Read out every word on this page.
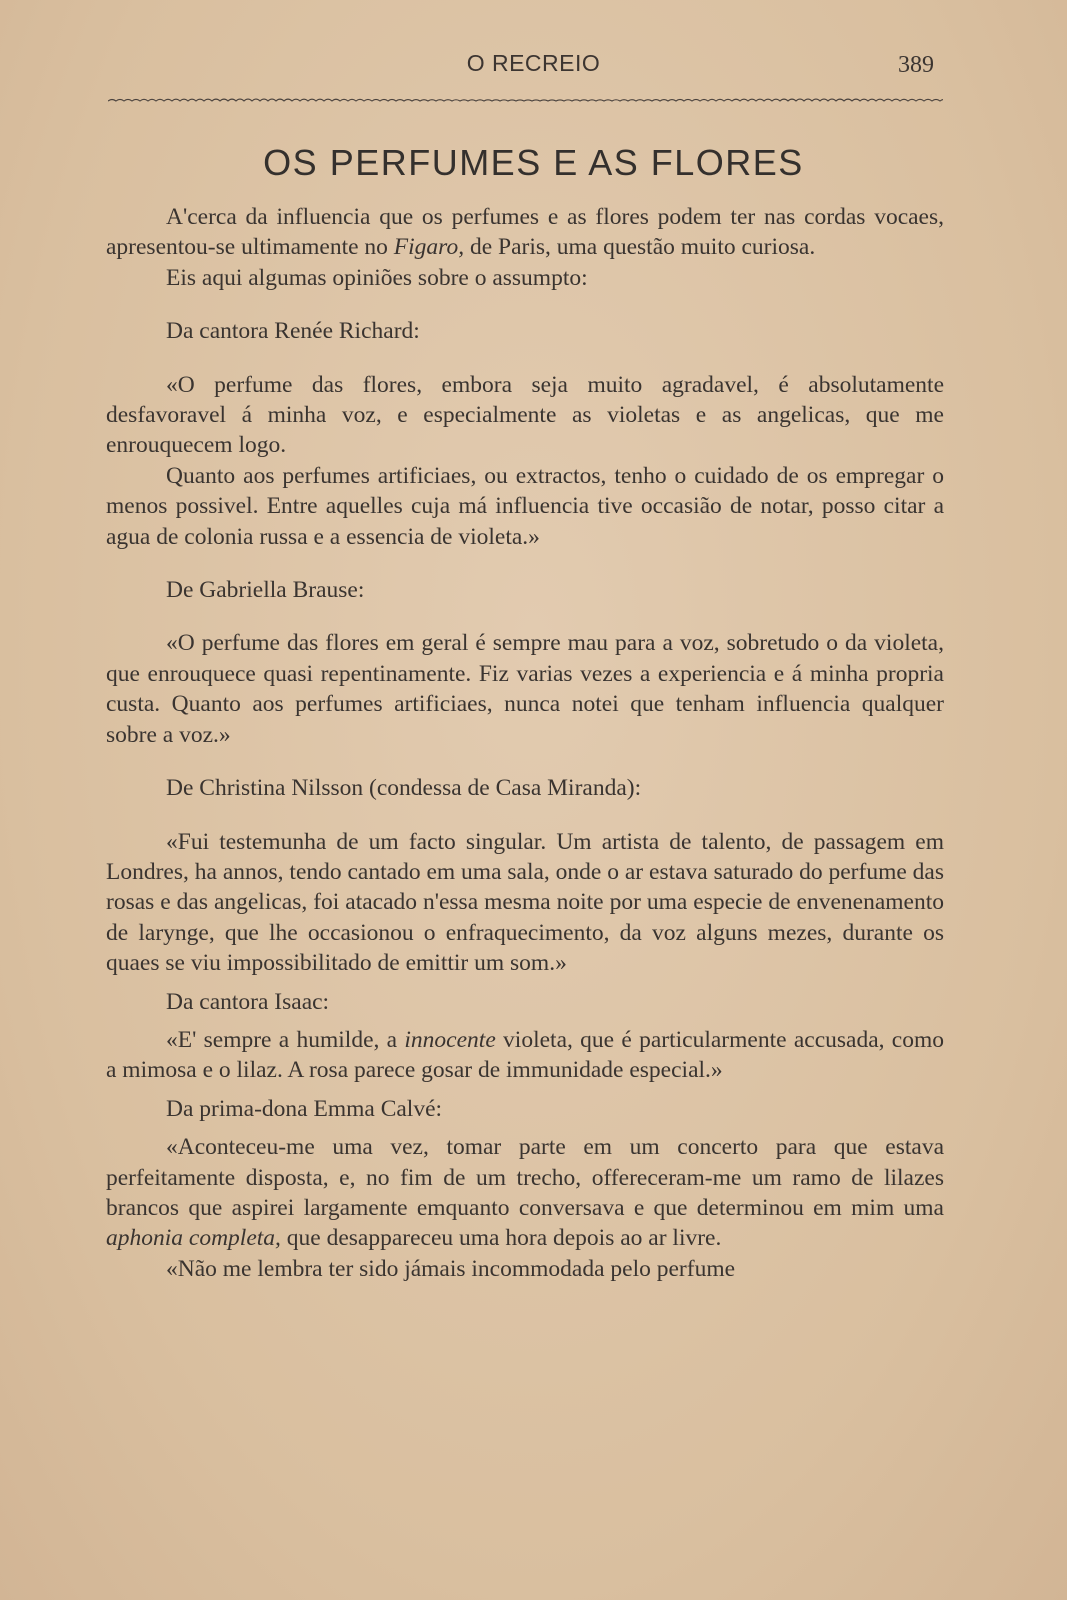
O RECREIO	389
OS PERFUMES E AS FLORES

A'cerca da influencia que os perfumes e as flores podem ter nas cordas vocaes, apresentou-se ultimamente no Figaro, de Paris, uma questão muito curiosa.

Eis aqui algumas opiniões sobre o assumpto:

Da cantora Renée Richard:

«O perfume das flores, embora seja muito agradavel, é absolutamente desfavoravel á minha voz, e especialmente as violetas e as angelicas, que me enrouquecem logo.

Quanto aos perfumes artificiaes, ou extractos, tenho o cuidado de os empregar o menos possivel. Entre aquelles cuja má influencia tive occasião de notar, posso citar a agua de colonia russa e a essencia de violeta.»

De Gabriella Brause:

«O perfume das flores em geral é sempre mau para a voz, sobretudo o da violeta, que enrouquece quasi repentinamente. Fiz varias vezes a experiencia e á minha propria custa. Quanto aos perfumes artificiaes, nunca notei que tenham influencia qualquer sobre a voz.»

De Christina Nilsson (condessa de Casa Miranda):

«Fui testemunha de um facto singular. Um artista de talento, de passagem em Londres, ha annos, tendo cantado em uma sala, onde o ar estava saturado do perfume das rosas e das angelicas, foi atacado n'essa mesma noite por uma especie de envenenamento de larynge, que lhe occasionou o enfraquecimento, da voz alguns mezes, durante os quaes se viu impossibilitado de emittir um som.»

Da cantora Isaac:

«E' sempre a humilde, a innocente violeta, que é particularmente accusada, como a mimosa e o lilaz. A rosa parece gosar de immunidade especial.»

Da prima-dona Emma Calvé:

«Aconteceu-me uma vez, tomar parte em um concerto para que estava perfeitamente disposta, e, no fim de um trecho, offereceram-me um ramo de lilazes brancos que aspirei largamente emquanto conversava e que determinou em mim uma aphonia completa, que desappareceu uma hora depois ao ar livre.

«Não me lembra ter sido jámais incommodada pelo perfume
